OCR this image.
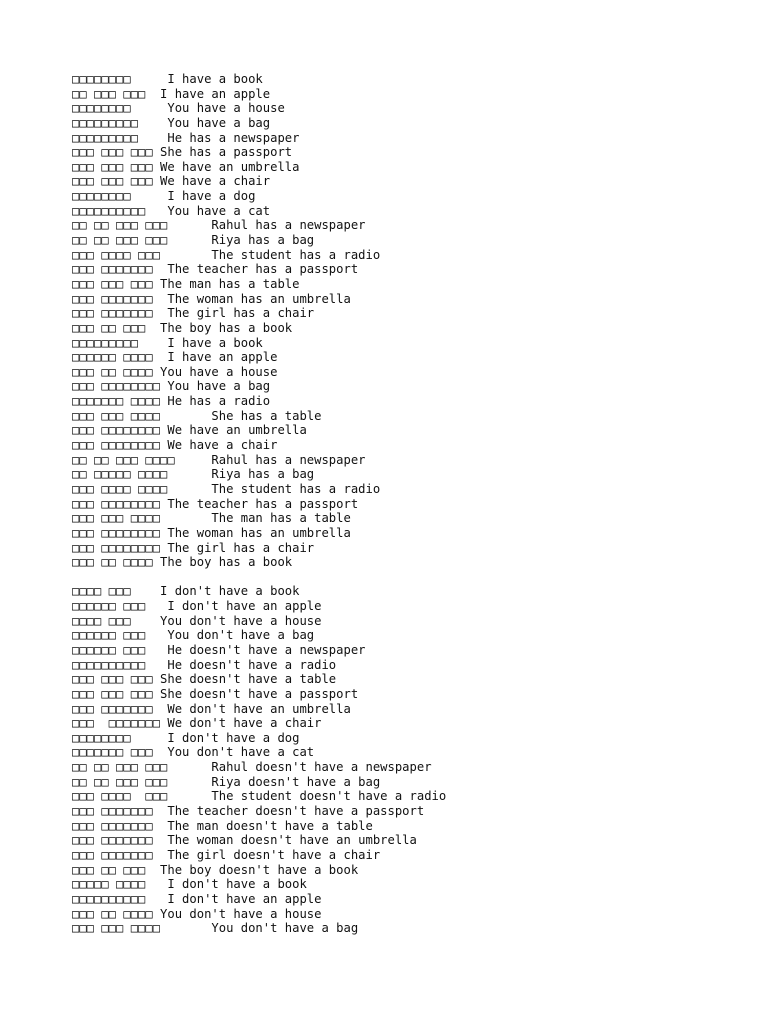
□□□□□□□□     I have a book
□□ □□□ □□□  I have an apple
□□□□□□□□     You have a house
□□□□□□□□□    You have a bag
□□□□□□□□□    He has a newspaper
□□□ □□□ □□□ She has a passport
□□□ □□□ □□□ We have an umbrella
□□□ □□□ □□□ We have a chair
□□□□□□□□     I have a dog
□□□□□□□□□□   You have a cat
□□ □□ □□□ □□□      Rahul has a newspaper
□□ □□ □□□ □□□      Riya has a bag
□□□ □□□□ □□□       The student has a radio
□□□ □□□□□□□  The teacher has a passport
□□□ □□□ □□□ The man has a table
□□□ □□□□□□□  The woman has an umbrella
□□□ □□□□□□□  The girl has a chair
□□□ □□ □□□  The boy has a book
□□□□□□□□□    I have a book
□□□□□□ □□□□  I have an apple
□□□ □□ □□□□ You have a house
□□□ □□□□□□□□ You have a bag
□□□□□□□ □□□□ He has a radio
□□□ □□□ □□□□       She has a table
□□□ □□□□□□□□ We have an umbrella
□□□ □□□□□□□□ We have a chair
□□ □□ □□□ □□□□     Rahul has a newspaper
□□ □□□□□ □□□□      Riya has a bag
□□□ □□□□ □□□□      The student has a radio
□□□ □□□□□□□□ The teacher has a passport
□□□ □□□ □□□□       The man has a table
□□□ □□□□□□□□ The woman has an umbrella
□□□ □□□□□□□□ The girl has a chair
□□□ □□ □□□□ The boy has a book
□□□□ □□□    I don't have a book
□□□□□□ □□□   I don't have an apple
□□□□ □□□    You don't have a house
□□□□□□ □□□   You don't have a bag
□□□□□□ □□□   He doesn't have a newspaper
□□□□□□□□□□   He doesn't have a radio
□□□ □□□ □□□ She doesn't have a table
□□□ □□□ □□□ She doesn't have a passport
□□□ □□□□□□□  We don't have an umbrella
□□□  □□□□□□□ We don't have a chair
□□□□□□□□     I don't have a dog
□□□□□□□ □□□  You don't have a cat
□□ □□ □□□ □□□      Rahul doesn't have a newspaper
□□ □□ □□□ □□□      Riya doesn't have a bag
□□□ □□□□  □□□      The student doesn't have a radio
□□□ □□□□□□□  The teacher doesn't have a passport
□□□ □□□□□□□  The man doesn't have a table
□□□ □□□□□□□  The woman doesn't have an umbrella
□□□ □□□□□□□  The girl doesn't have a chair
□□□ □□ □□□  The boy doesn't have a book
□□□□□ □□□□   I don't have a book
□□□□□□□□□□   I don't have an apple
□□□ □□ □□□□ You don't have a house
□□□ □□□ □□□□       You don't have a bag
